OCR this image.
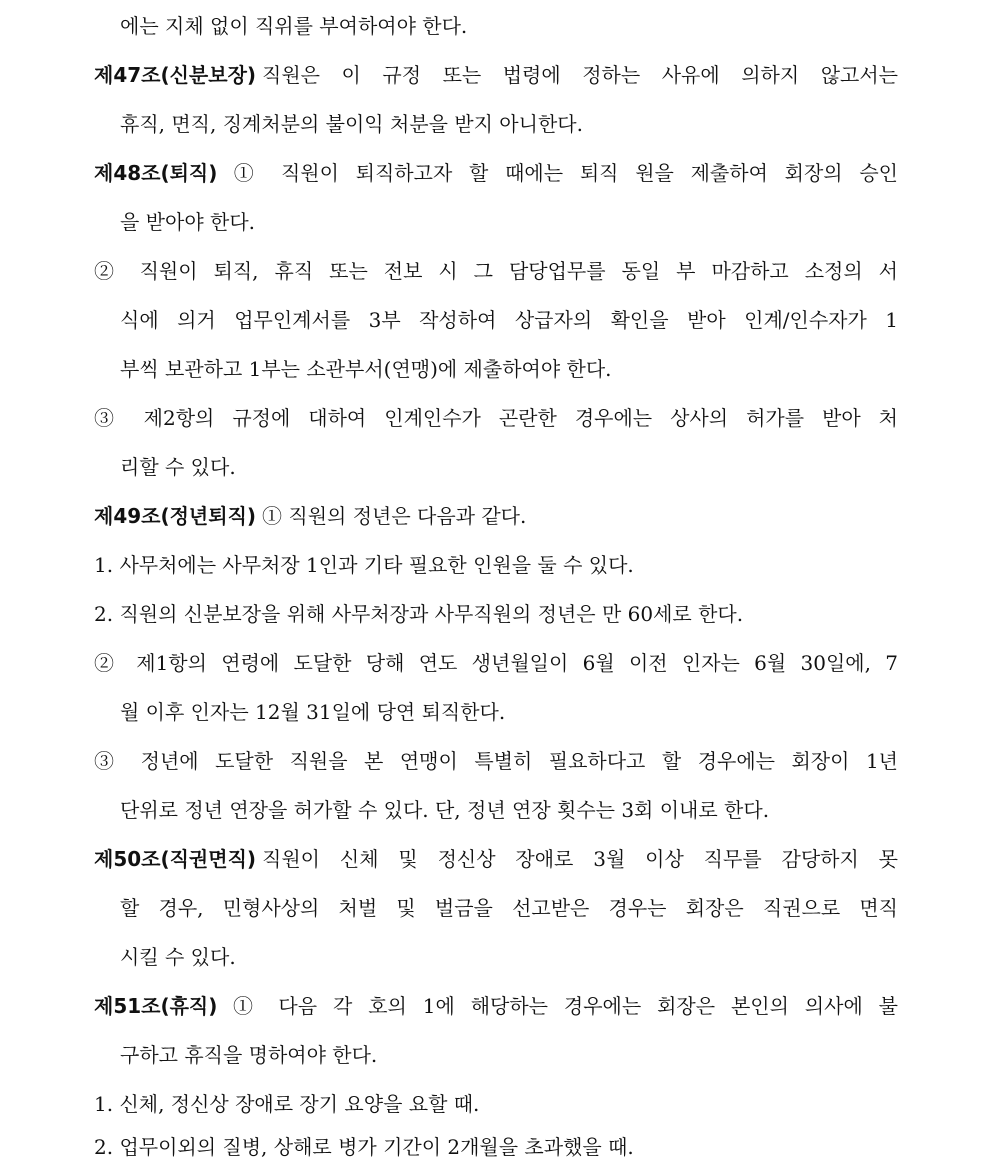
에는 지체 없이 직위를 부여하여야 한다.
제47조(신분보장) 직원은 이 규정 또는 법령에 정하는 사유에 의하지 않고서는
휴직, 면직, 징계처분의 불이익 처분을 받지 아니한다.
제48조(퇴직) ① 직원이 퇴직하고자 할 때에는 퇴직 원을 제출하여 회장의 승인
을 받아야 한다.
② 직원이 퇴직, 휴직 또는 전보 시 그 담당업무를 동일 부 마감하고 소정의 서
식에 의거 업무인계서를 3부 작성하여 상급자의 확인을 받아 인계/인수자가 1
부씩 보관하고 1부는 소관부서(연맹)에 제출하여야 한다.
③ 제2항의 규정에 대하여 인계인수가 곤란한 경우에는 상사의 허가를 받아 처
리할 수 있다.
제49조(정년퇴직) ① 직원의 정년은 다음과 같다.
1. 사무처에는 사무처장 1인과 기타 필요한 인원을 둘 수 있다.
2. 직원의 신분보장을 위해 사무처장과 사무직원의 정년은 만 60세로 한다.
② 제1항의 연령에 도달한 당해 연도 생년월일이 6월 이전 인자는 6월 30일에, 7
월 이후 인자는 12월 31일에 당연 퇴직한다.
③ 정년에 도달한 직원을 본 연맹이 특별히 필요하다고 할 경우에는 회장이 1년
단위로 정년 연장을 허가할 수 있다. 단, 정년 연장 횟수는 3회 이내로 한다.
제50조(직권면직) 직원이 신체 및 정신상 장애로 3월 이상 직무를 감당하지 못
할 경우, 민형사상의 처벌 및 벌금을 선고받은 경우는 회장은 직권으로 면직
시킬 수 있다.
제51조(휴직) ① 다음 각 호의 1에 해당하는 경우에는 회장은 본인의 의사에 불
구하고 휴직을 명하여야 한다.
1. 신체, 정신상 장애로 장기 요양을 요할 때.
2. 업무이외의 질병, 상해로 병가 기간이 2개월을 초과했을 때.
